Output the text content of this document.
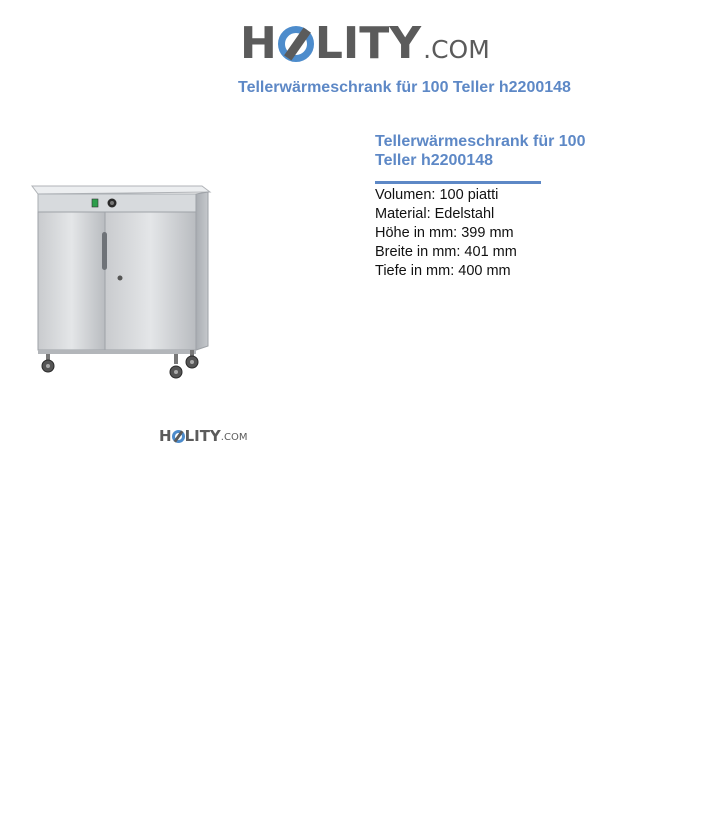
H LITY .COM
Tellerwärmeschrank für 100 Teller h2200148
H LITY .COM
Tellerwärmeschrank für 100 Teller h2200148
Volumen: 100 piatti
Material: Edelstahl
Höhe in mm: 399 mm
Breite in mm: 401 mm
Tiefe in mm: 400 mm
